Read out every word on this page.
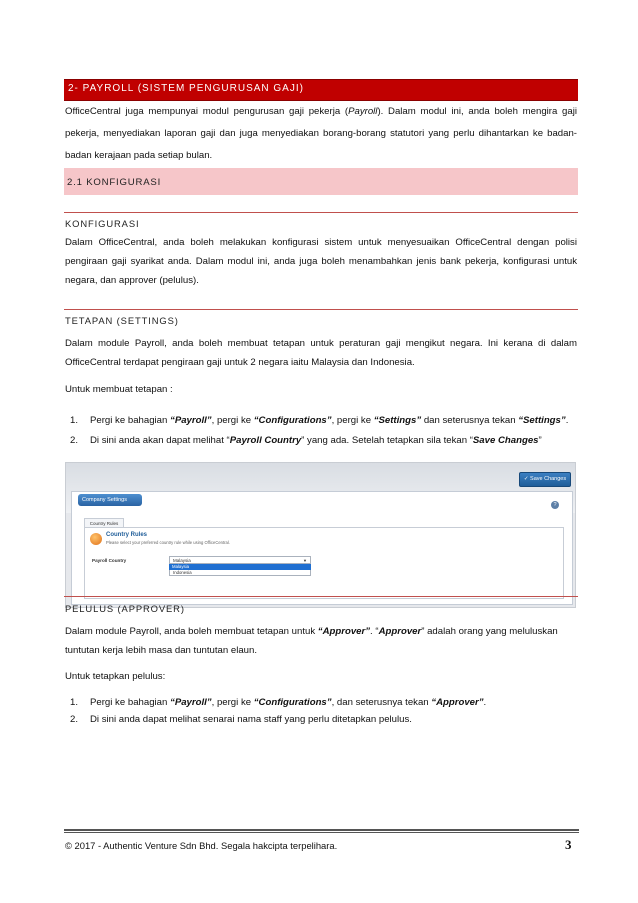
2- PAYROLL (SISTEM PENGURUSAN GAJI)
OfficeCentral juga mempunyai modul pengurusan gaji pekerja (Payroll). Dalam modul ini, anda boleh mengira gaji pekerja, menyediakan laporan gaji dan juga menyediakan borang-borang statutori yang perlu dihantarkan ke badan-badan kerajaan pada setiap bulan.
2.1 KONFIGURASI
KONFIGURASI
Dalam OfficeCentral, anda boleh melakukan konfigurasi sistem untuk menyesuaikan OfficeCentral dengan polisi pengiraan gaji syarikat anda. Dalam modul ini, anda juga boleh menambahkan jenis bank pekerja, konfigurasi untuk negara, dan approver (pelulus).
TETAPAN (SETTINGS)
Dalam module Payroll, anda boleh membuat tetapan untuk peraturan gaji mengikut negara. Ini kerana di dalam OfficeCentral terdapat pengiraan gaji untuk 2 negara iaitu Malaysia dan Indonesia.
Untuk membuat tetapan :
1. Pergi ke bahagian “Payroll”, pergi ke “Configurations”, pergi ke “Settings” dan seterusnya tekan “Settings”.
2. Di sini anda akan dapat melihat “Payroll Country” yang ada. Setelah tetapkan sila tekan “Save Changes”
✓ Save Changes
Company Settings
?
Country Rules
Country Rules
Please select your preferred country rule while using OfficeCentral.
Payroll Country	Malaysia	▼
Malaysia
Indonesia
PELULUS (APPROVER)
Dalam module Payroll, anda boleh membuat tetapan untuk “Approver”. “Approver” adalah orang yang meluluskan tuntutan kerja lebih masa dan tuntutan elaun.
Untuk tetapkan pelulus:
1. Pergi ke bahagian “Payroll”, pergi ke “Configurations”, dan seterusnya tekan “Approver”.
2. Di sini anda dapat melihat senarai nama staff yang perlu ditetapkan pelulus.
© 2017 - Authentic Venture Sdn Bhd. Segala hakcipta terpelihara.	3
